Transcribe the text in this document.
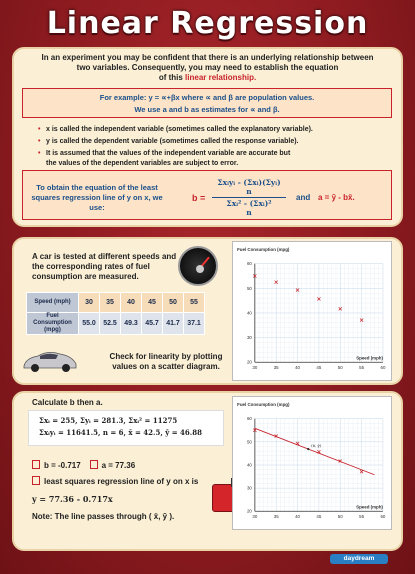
Linear Regression
In an experiment you may be confident that there is an underlying relationship between
two variables. Consequently, you may need to establish the equation
of this linear relationship.
For example: y = ∝+βx where ∝ and β are population values.
We use a and b as estimates for ∝ and β.
• x is called the independent variable (sometimes called the explanatory variable).
• y is called the dependent variable (sometimes called the response variable).
• It is assumed that the values of the independent variable are accurate but
the values of the dependent variables are subject to error.
To obtain the equation of the least squares regression line of y on x, we use:
b =
Σxᵢyᵢ - (Σxᵢ)(Σyᵢ)
n
Σxᵢ² - (Σxᵢ)²
n
and a = ȳ - bx̄.
A car is tested at different speeds and the corresponding rates of fuel consumption are measured.
Speed (mph)	30	35	40	45	50	55
Fuel Consumption (mpg)	55.0	52.5	49.3	45.7	41.7	37.1
Check for linearity by plotting values on a scatter diagram.	30	35	40	45	50	55	60
20
30
40
50
60
Fuel Consumption (mpg)
Speed (mph)
Calculate b then a.
Σxᵢ = 255, Σyᵢ = 281.3, Σxᵢ² = 11275
Σxᵢyᵢ = 11641.5, n = 6, x̄ = 42.5, ȳ = 46.88
b = -0.717	a = 77.36
least squares regression line of y on x is
y = 77.36 - 0.717x
Note: The line passes through ( x̄, ȳ ).	30	35	40	45	50	55	60
20
30
40
50
60
Fuel Consumption (mpg)
Speed (mph)
(x̄, ȳ)
daydream
